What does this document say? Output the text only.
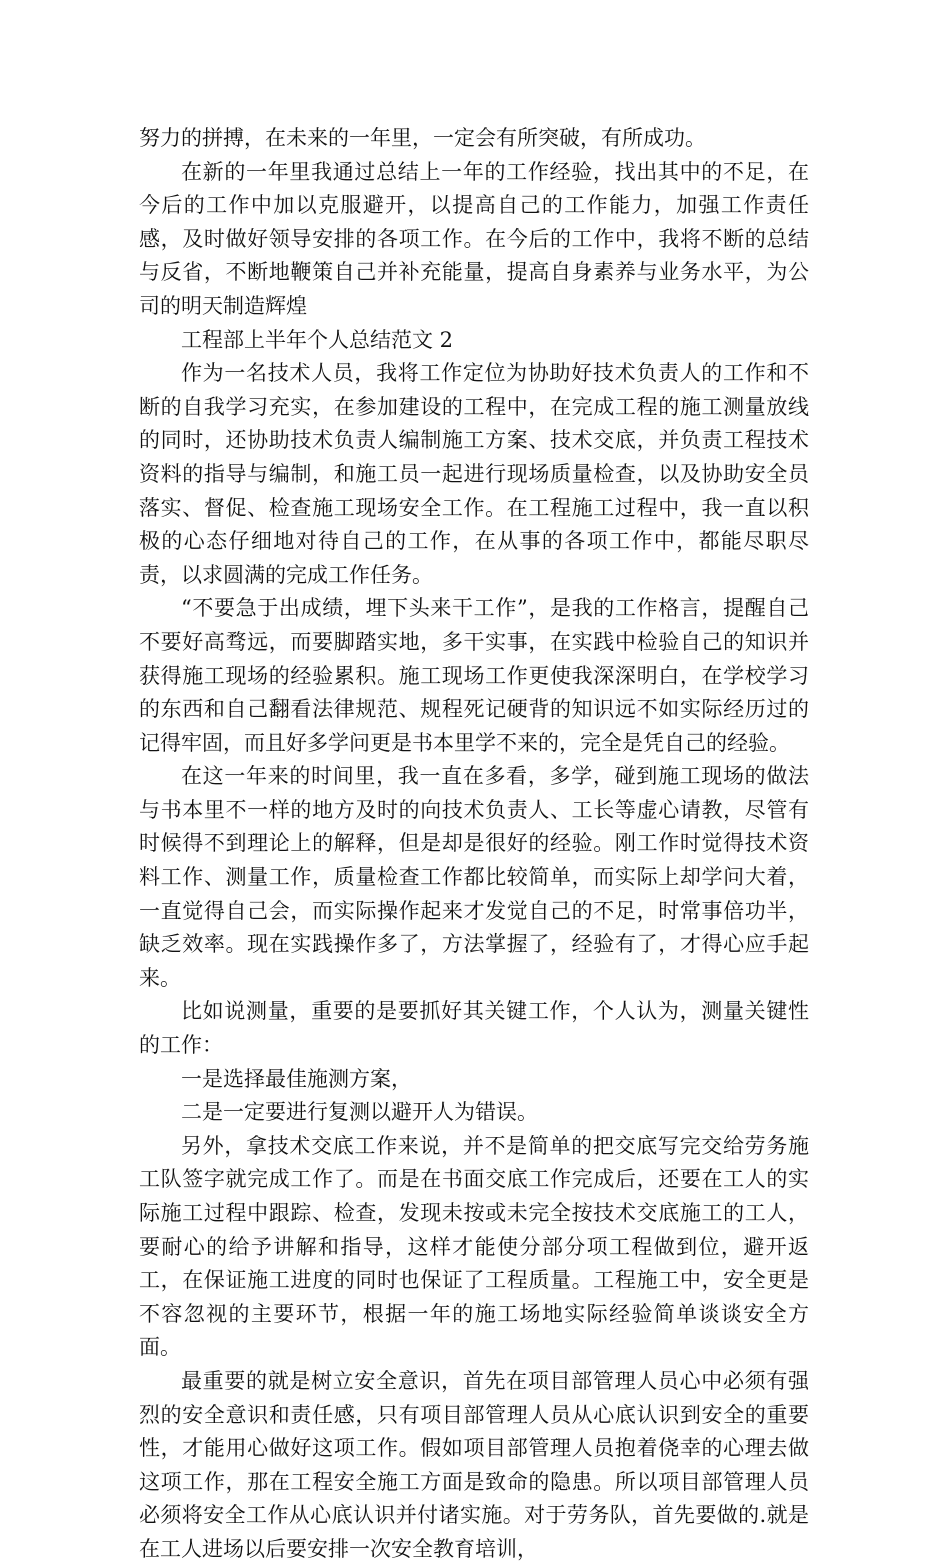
努力的拼搏，在未来的一年里，一定会有所突破，有所成功。

在新的一年里我通过总结上一年的工作经验，找出其中的不足，在今后的工作中加以克服避开，以提高自己的工作能力，加强工作责任感，及时做好领导安排的各项工作。在今后的工作中，我将不断的总结与反省，不断地鞭策自己并补充能量，提高自身素养与业务水平，为公司的明天制造辉煌

工程部上半年个人总结范文 2

作为一名技术人员，我将工作定位为协助好技术负责人的工作和不断的自我学习充实，在参加建设的工程中，在完成工程的施工测量放线的同时，还协助技术负责人编制施工方案、技术交底，并负责工程技术资料的指导与编制，和施工员一起进行现场质量检查，以及协助安全员落实、督促、检查施工现场安全工作。在工程施工过程中，我一直以积极的心态仔细地对待自己的工作，在从事的各项工作中，都能尽职尽责，以求圆满的完成工作任务。

“不要急于出成绩，埋下头来干工作”，是我的工作格言，提醒自己不要好高骛远，而要脚踏实地，多干实事，在实践中检验自己的知识并获得施工现场的经验累积。施工现场工作更使我深深明白，在学校学习的东西和自己翻看法律规范、规程死记硬背的知识远不如实际经历过的记得牢固，而且好多学问更是书本里学不来的，完全是凭自己的经验。

在这一年来的时间里，我一直在多看，多学，碰到施工现场的做法与书本里不一样的地方及时的向技术负责人、工长等虚心请教，尽管有时候得不到理论上的解释，但是却是很好的经验。刚工作时觉得技术资料工作、测量工作，质量检查工作都比较简单，而实际上却学问大着，一直觉得自己会，而实际操作起来才发觉自己的不足，时常事倍功半，缺乏效率。现在实践操作多了，方法掌握了，经验有了，才得心应手起来。

比如说测量，重要的是要抓好其关键工作，个人认为，测量关键性的工作：

一是选择最佳施测方案，

二是一定要进行复测以避开人为错误。

另外，拿技术交底工作来说，并不是简单的把交底写完交给劳务施工队签字就完成工作了。而是在书面交底工作完成后，还要在工人的实际施工过程中跟踪、检查，发现未按或未完全按技术交底施工的工人，要耐心的给予讲解和指导，这样才能使分部分项工程做到位，避开返工，在保证施工进度的同时也保证了工程质量。工程施工中，安全更是不容忽视的主要环节，根据一年的施工场地实际经验简单谈谈安全方面。

最重要的就是树立安全意识，首先在项目部管理人员心中必须有强烈的安全意识和责任感，只有项目部管理人员从心底认识到安全的重要性，才能用心做好这项工作。假如项目部管理人员抱着侥幸的心理去做这项工作，那在工程安全施工方面是致命的隐患。所以项目部管理人员必须将安全工作从心底认识并付诸实施。对于劳务队，首先要做的.就是在工人进场以后要安排一次安全教育培训，
